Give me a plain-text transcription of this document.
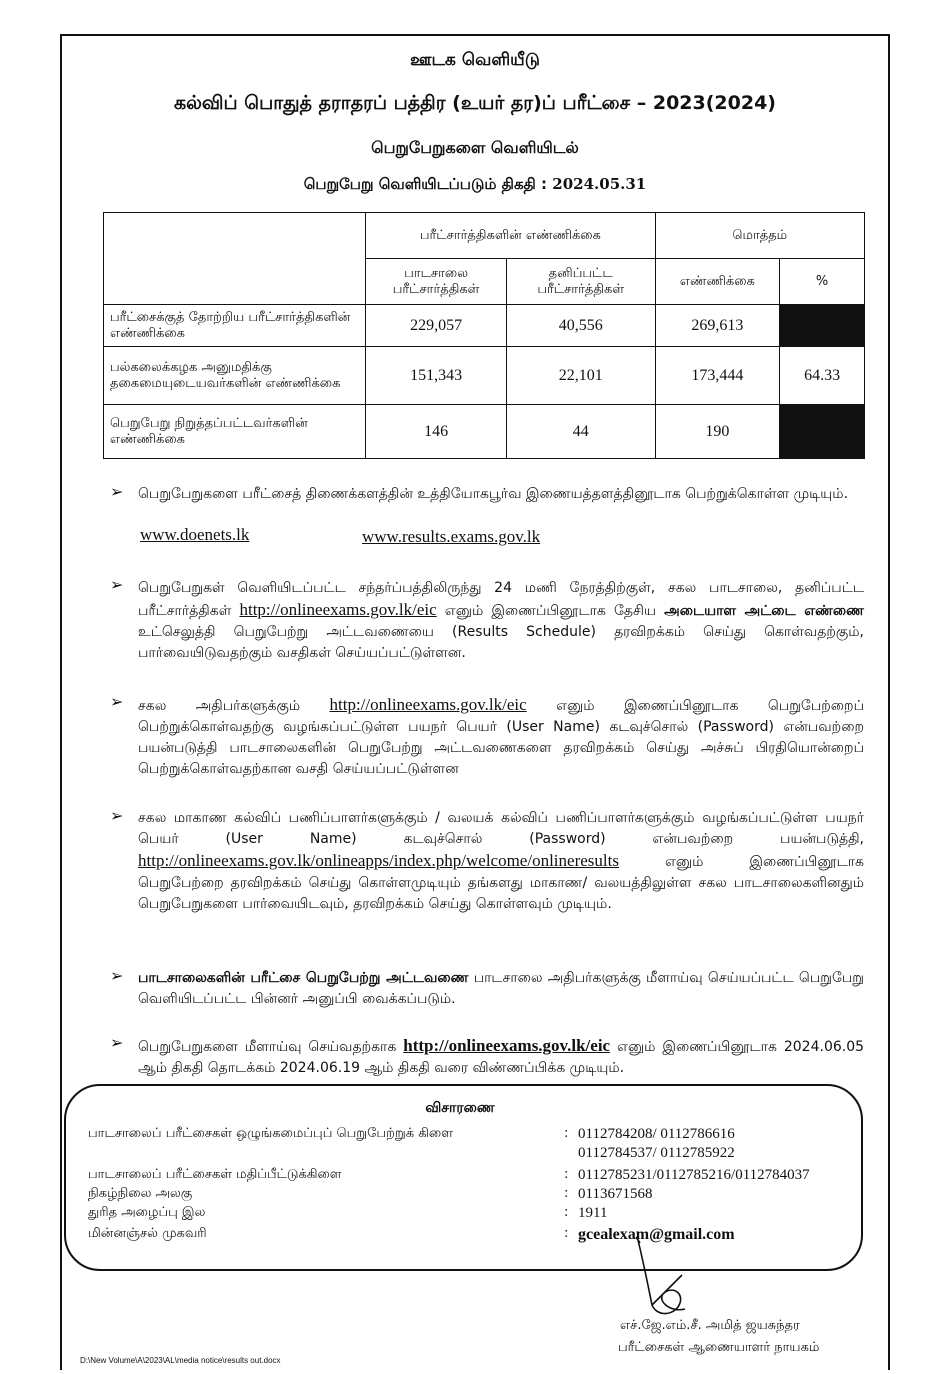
ஊடக வெளியீடு
கல்விப் பொதுத் தராதரப் பத்திர (உயர் தர)ப் பரீட்சை – 2023(2024)
பெறுபேறுகளை வெளியிடல்
பெறுபேறு வெளியிடப்படும் திகதி : 2024.05.31
	பரீட்சார்த்திகளின் எண்ணிக்கை		மொத்தம்	
	பாடசாலை பரீட்சார்த்திகள்	தனிப்பட்ட பரீட்சார்த்திகள்	எண்ணிக்கை	%
பரீட்சைக்குத் தோற்றிய பரீட்சார்த்திகளின் எண்ணிக்கை	229,057	40,556	269,613	
பல்கலைக்கழக அனுமதிக்கு தகைமையுடையவர்களின் எண்ணிக்கை	151,343	22,101	173,444	64.33
பெறுபேறு நிறுத்தப்பட்டவர்களின் எண்ணிக்கை	146	44	190	
➢ பெறுபேறுகளை பரீட்சைத் திணைக்களத்தின் உத்தியோகபூர்வ இணையத்தளத்தினூடாக பெற்றுக்கொள்ள முடியும்.
www.doenets.lk	www.results.exams.gov.lk
➢ பெறுபேறுகள் வெளியிடப்பட்ட சந்தர்ப்பத்திலிருந்து 24 மணி நேரத்திற்குள், சகல பாடசாலை, தனிப்பட்ட பரீட்சார்த்திகள் http://onlineexams.gov.lk/eic எனும் இணைப்பினூடாக தேசிய அடையாள அட்டை எண்ணை உட்செலுத்தி பெறுபேற்று அட்டவணையை (Results Schedule) தரவிறக்கம் செய்து கொள்வதற்கும், பார்வையிடுவதற்கும் வசதிகள் செய்யப்பட்டுள்ளன.
➢ சகல அதிபர்களுக்கும் http://onlineexams.gov.lk/eic எனும் இணைப்பினூடாக பெறுபேற்றைப் பெற்றுக்கொள்வதற்கு வழங்கப்பட்டுள்ள பயநர் பெயர் (User Name) கடவுச்சொல் (Password) என்பவற்றை பயன்படுத்தி பாடசாலைகளின் பெறுபேற்று அட்டவணைகளை தரவிறக்கம் செய்து அச்சுப் பிரதியொன்றைப் பெற்றுக்கொள்வதற்கான வசதி செய்யப்பட்டுள்ளன
➢ சகல மாகாண கல்விப் பணிப்பாளர்களுக்கும் / வலயக் கல்விப் பணிப்பாளர்களுக்கும் வழங்கப்பட்டுள்ள பயநர் பெயர் (User Name) கடவுச்சொல் (Password) என்பவற்றை பயன்படுத்தி, http://onlineexams.gov.lk/onlineapps/index.php/welcome/onlineresults	எனும் இணைப்பினூடாக பெறுபேற்றை தரவிறக்கம் செய்து கொள்ளமுடியும் தங்களது மாகாண/ வலயத்திலுள்ள சகல பாடசாலைகளினதும் பெறுபேறுகளை பார்வையிடவும், தரவிறக்கம் செய்து கொள்ளவும் முடியும்.
➢ பாடசாலைகளின் பரீட்சை பெறுபேற்று அட்டவணை பாடசாலை அதிபர்களுக்கு மீளாய்வு செய்யப்பட்ட பெறுபேறு வெளியிடப்பட்ட பின்னர் அனுப்பி வைக்கப்படும்.
➢ பெறுபேறுகளை மீளாய்வு செய்வதற்காக http://onlineexams.gov.lk/eic எனும் இணைப்பினூடாக 2024.06.05 ஆம் திகதி தொடக்கம் 2024.06.19 ஆம் திகதி வரை விண்ணப்பிக்க முடியும்.
விசாரணை
பாடசாலைப் பரீட்சைகள் ஒழுங்கமைப்புப் பெறுபேற்றுக் கிளை	: 0112784208/ 0112786616
0112784537/ 0112785922
பாடசாலைப் பரீட்சைகள் மதிப்பீட்டுக்கிளை	: 0112785231/0112785216/0112784037
நிகழ்நிலை அலகு	: 0113671568
துரித அழைப்பு இல	: 1911
மின்னஞ்சல் முகவரி	: gcealexam@gmail.com
எச்.ஜே.எம்.சீ. அமித் ஜயசுந்தர
பரீட்சைகள் ஆணையாளர் நாயகம்
D:\New Volume\A\2023\AL\media notice\results out.docx
